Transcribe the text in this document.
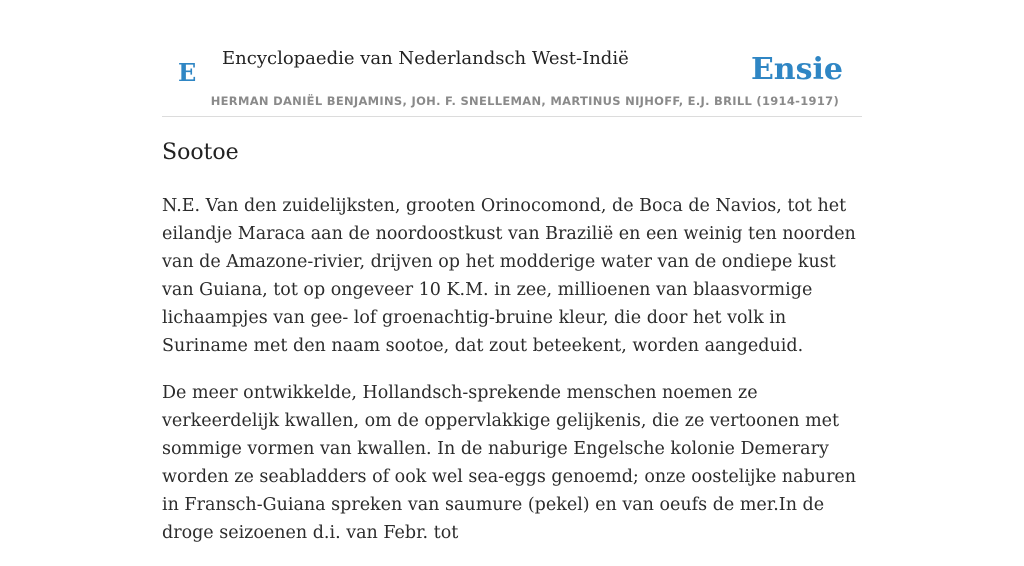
E Encyclopaedie van Nederlandsch West-Indië	Ensie
HERMAN DANIËL BENJAMINS, JOH. F. SNELLEMAN, MARTINUS NIJHOFF, E.J. BRILL (1914-1917)
Sootoe

N.E. Van den zuidelijksten, grooten Orinocomond, de Boca de Navios, tot het eilandje Maraca aan de noordoostkust van Brazilië en een weinig ten noorden van de Amazone-rivier, drijven op het modderige water van de ondiepe kust van Guiana, tot op ongeveer 10 K.M. in zee, millioenen van blaasvormige lichaampjes van gee- lof groenachtig-bruine kleur, die door het volk in Suriname met den naam sootoe, dat zout beteekent, worden aangeduid.

De meer ontwikkelde, Hollandsch-sprekende menschen noemen ze verkeerdelijk kwallen, om de oppervlakkige gelijkenis, die ze vertoonen met sommige vormen van kwallen. In de naburige Engelsche kolonie Demerary worden ze seabladders of ook wel sea-eggs genoemd; onze oostelijke naburen in Fransch-Guiana spreken van saumure (pekel) en van oeufs de mer.In de droge seizoenen d.i. van Febr. tot
